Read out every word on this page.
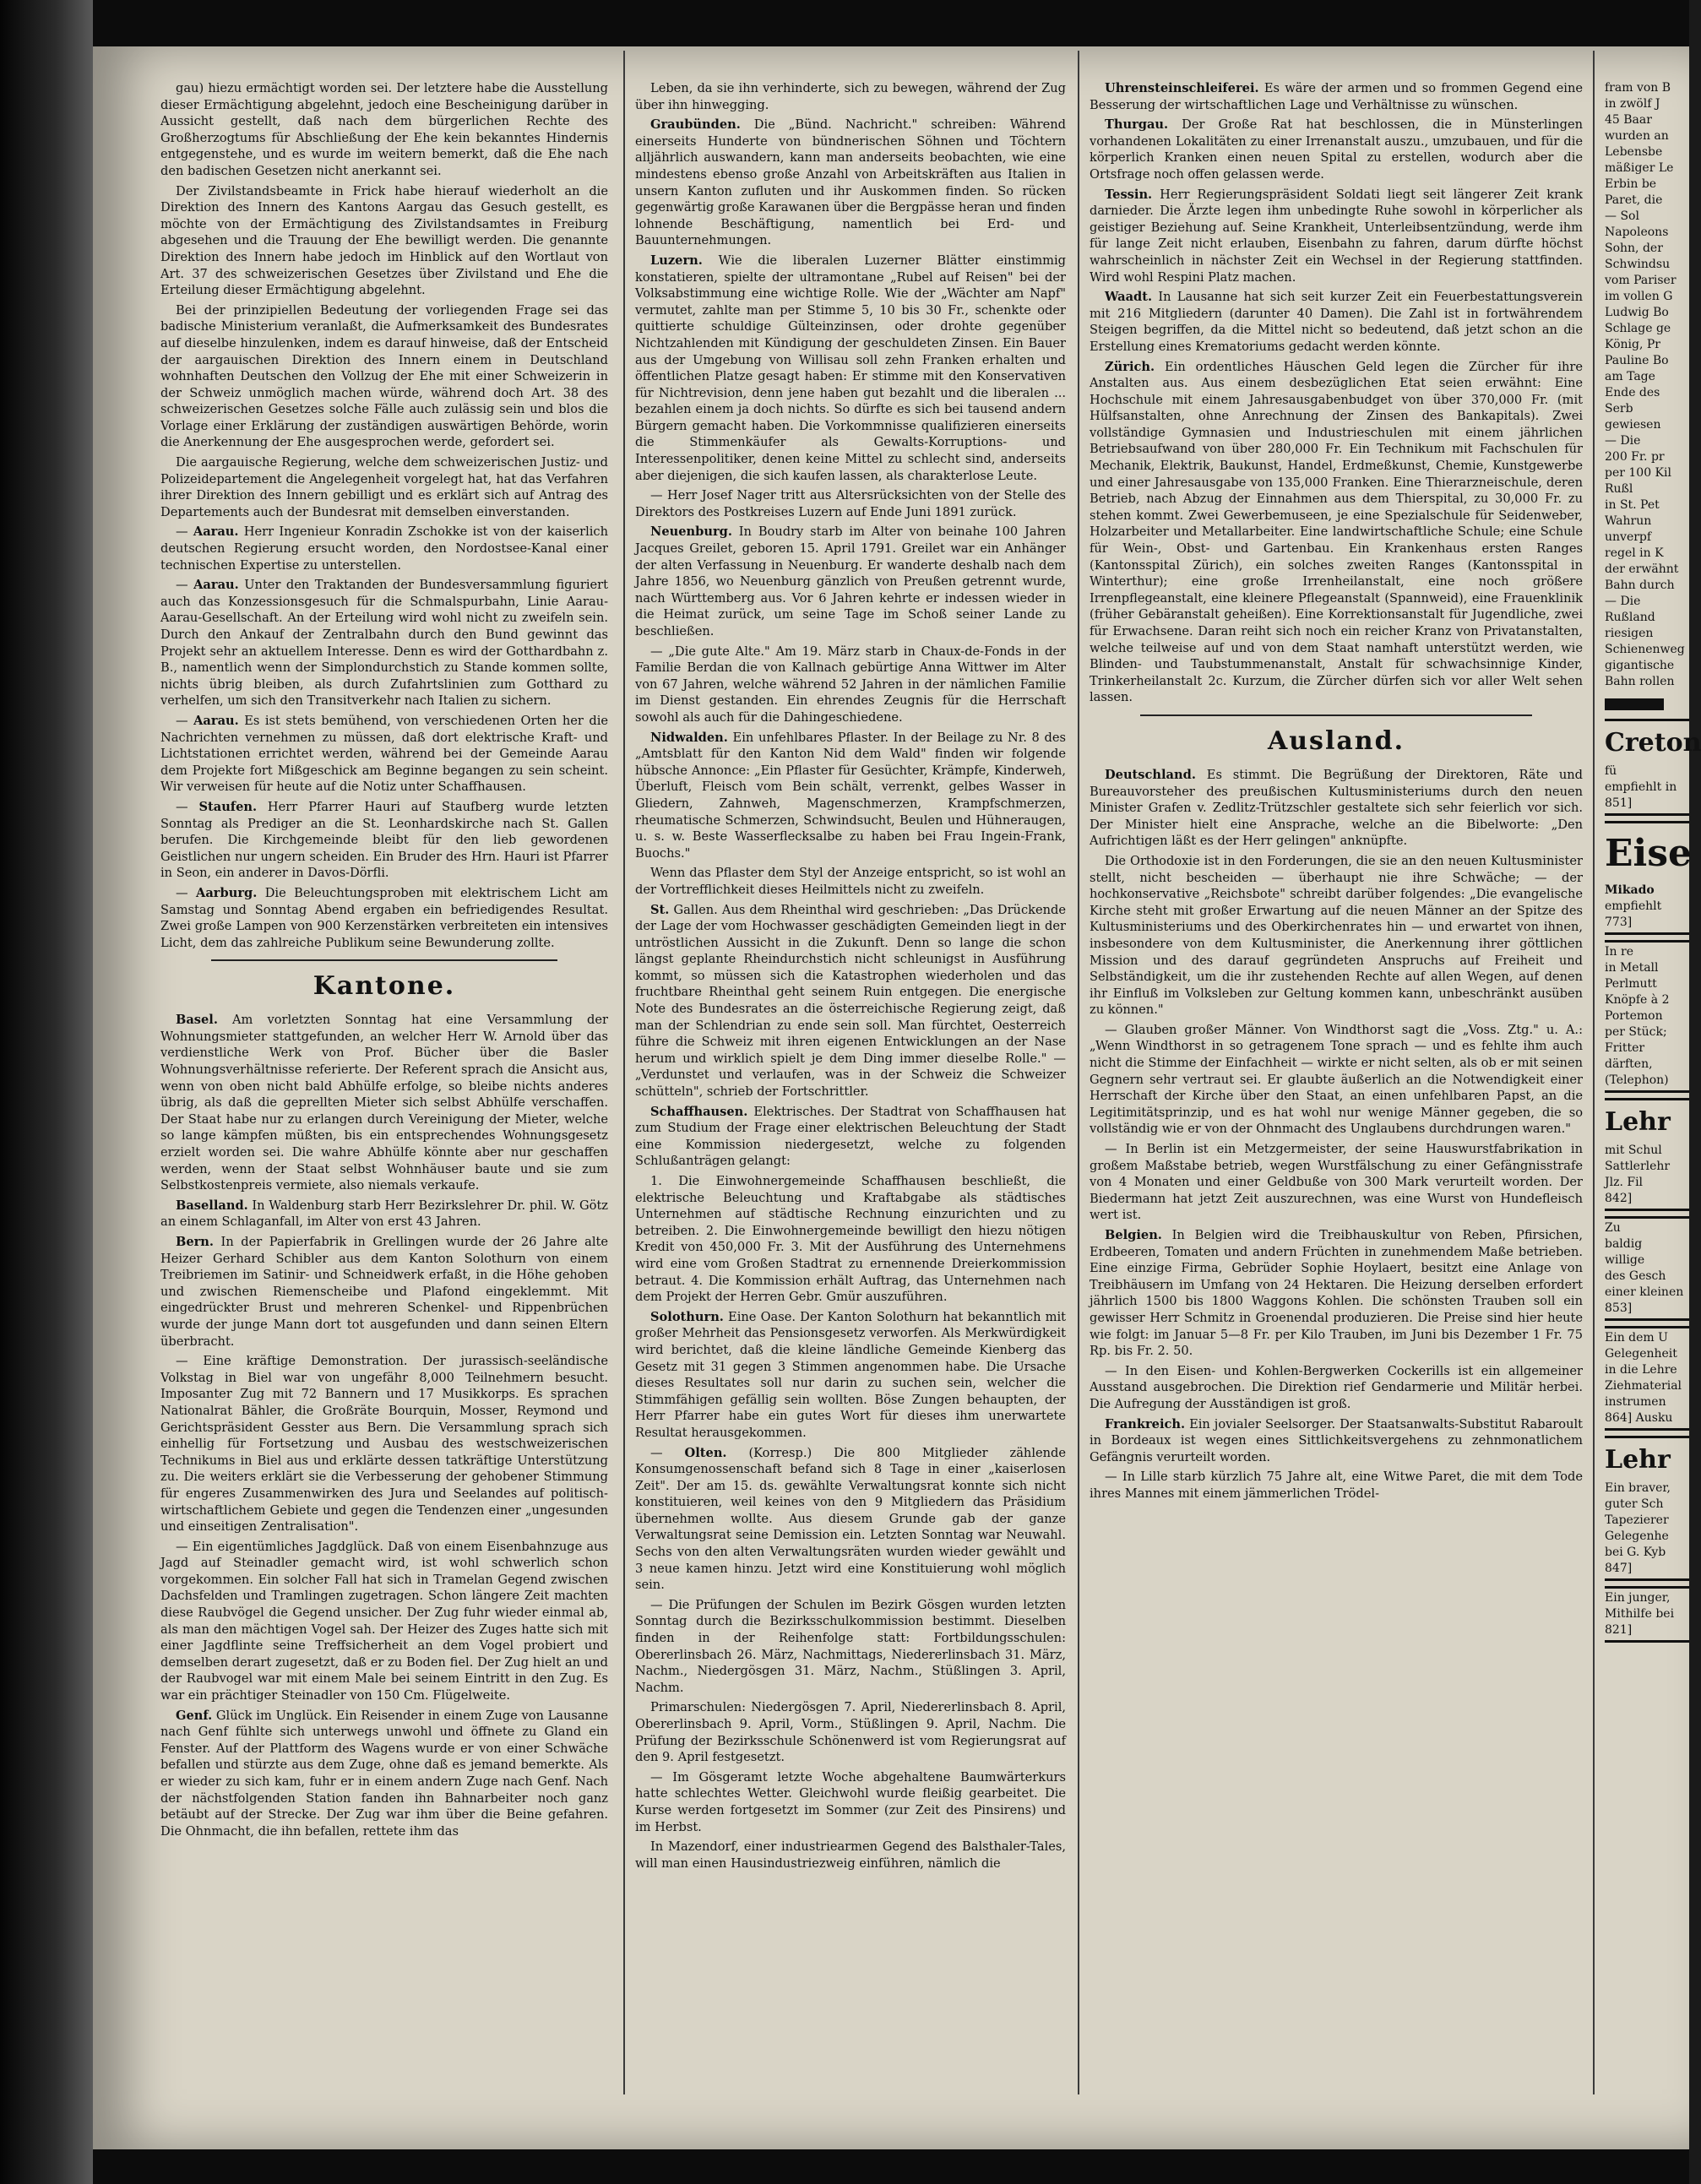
gau) hiezu ermächtigt worden sei. Der letztere habe die Ausstellung dieser Ermächtigung abgelehnt, jedoch eine Bescheinigung darüber in Aussicht gestellt, daß nach dem bürgerlichen Rechte des Großherzogtums für Abschließung der Ehe kein bekanntes Hindernis entgegenstehe, und es wurde im weitern bemerkt, daß die Ehe nach den badischen Gesetzen nicht anerkannt sei.

Der Zivilstandsbeamte in Frick habe hierauf wiederholt an die Direktion des Innern des Kantons Aargau das Gesuch gestellt, es möchte von der Ermächtigung des Zivilstandsamtes in Freiburg abgesehen und die Trauung der Ehe bewilligt werden. Die genannte Direktion des Innern habe jedoch im Hinblick auf den Wortlaut von Art. 37 des schweizerischen Gesetzes über Zivilstand und Ehe die Erteilung dieser Ermächtigung abgelehnt.

Bei der prinzipiellen Bedeutung der vorliegenden Frage sei das badische Ministerium veranlaßt, die Aufmerksamkeit des Bundesrates auf dieselbe hinzulenken, indem es darauf hinweise, daß der Entscheid der aargauischen Direktion des Innern einem in Deutschland wohnhaften Deutschen den Vollzug der Ehe mit einer Schweizerin in der Schweiz unmöglich machen würde, während doch Art. 38 des schweizerischen Gesetzes solche Fälle auch zulässig sein und blos die Vorlage einer Erklärung der zuständigen auswärtigen Behörde, worin die Anerkennung der Ehe ausgesprochen werde, gefordert sei.

Die aargauische Regierung, welche dem schweizerischen Justiz- und Polizeidepartement die Angelegenheit vorgelegt hat, hat das Verfahren ihrer Direktion des Innern gebilligt und es erklärt sich auf Antrag des Departements auch der Bundesrat mit demselben einverstanden.

— Aarau. Herr Ingenieur Konradin Zschokke ist von der kaiserlich deutschen Regierung ersucht worden, den Nordostsee-Kanal einer technischen Expertise zu unterstellen.

— Aarau. Unter den Traktanden der Bundesversammlung figuriert auch das Konzessionsgesuch für die Schmalspurbahn, Linie Aarau-Aarau-Gesellschaft. An der Erteilung wird wohl nicht zu zweifeln sein. Durch den Ankauf der Zentralbahn durch den Bund gewinnt das Projekt sehr an aktuellem Interesse. Denn es wird der Gotthardbahn z. B., namentlich wenn der Simplondurchstich zu Stande kommen sollte, nichts übrig bleiben, als durch Zufahrtslinien zum Gotthard zu verhelfen, um sich den Transitverkehr nach Italien zu sichern.

— Aarau. Es ist stets bemühend, von verschiedenen Orten her die Nachrichten vernehmen zu müssen, daß dort elektrische Kraft- und Lichtstationen errichtet werden, während bei der Gemeinde Aarau dem Projekte fort Mißgeschick am Beginne begangen zu sein scheint. Wir verweisen für heute auf die Notiz unter Schaffhausen.

— Staufen. Herr Pfarrer Hauri auf Staufberg wurde letzten Sonntag als Prediger an die St. Leonhardskirche nach St. Gallen berufen. Die Kirchgemeinde bleibt für den lieb gewordenen Geistlichen nur ungern scheiden. Ein Bruder des Hrn. Hauri ist Pfarrer in Seon, ein anderer in Davos-Dörfli.

— Aarburg. Die Beleuchtungsproben mit elektrischem Licht am Samstag und Sonntag Abend ergaben ein befriedigendes Resultat. Zwei große Lampen von 900 Kerzenstärken verbreiteten ein intensives Licht, dem das zahlreiche Publikum seine Bewunderung zollte.

Kantone.

Basel. Am vorletzten Sonntag hat eine Versammlung der Wohnungsmieter stattgefunden, an welcher Herr W. Arnold über das verdienstliche Werk von Prof. Bücher über die Basler Wohnungsverhältnisse referierte. Der Referent sprach die Ansicht aus, wenn von oben nicht bald Abhülfe erfolge, so bleibe nichts anderes übrig, als daß die geprellten Mieter sich selbst Abhülfe verschaffen. Der Staat habe nur zu erlangen durch Vereinigung der Mieter, welche so lange kämpfen müßten, bis ein entsprechendes Wohnungsgesetz erzielt worden sei. Die wahre Abhülfe könnte aber nur geschaffen werden, wenn der Staat selbst Wohnhäuser baute und sie zum Selbstkostenpreis vermiete, also niemals verkaufe.

Baselland. In Waldenburg starb Herr Bezirkslehrer Dr. phil. W. Götz an einem Schlaganfall, im Alter von erst 43 Jahren.

Bern. In der Papierfabrik in Grellingen wurde der 26 Jahre alte Heizer Gerhard Schibler aus dem Kanton Solothurn von einem Treibriemen im Satinir- und Schneidwerk erfaßt, in die Höhe gehoben und zwischen Riemenscheibe und Plafond eingeklemmt. Mit eingedrückter Brust und mehreren Schenkel- und Rippenbrüchen wurde der junge Mann dort tot ausgefunden und dann seinen Eltern überbracht.

— Eine kräftige Demonstration. Der jurassisch-seeländische Volkstag in Biel war von ungefähr 8,000 Teilnehmern besucht. Imposanter Zug mit 72 Bannern und 17 Musikkorps. Es sprachen Nationalrat Bähler, die Großräte Bourquin, Mosser, Reymond und Gerichtspräsident Gesster aus Bern. Die Versammlung sprach sich einhellig für Fortsetzung und Ausbau des westschweizerischen Technikums in Biel aus und erklärte dessen tatkräftige Unterstützung zu. Die weiters erklärt sie die Verbesserung der gehobener Stimmung für engeres Zusammenwirken des Jura und Seelandes auf politisch-wirtschaftlichem Gebiete und gegen die Tendenzen einer „ungesunden und einseitigen Zentralisation".

— Ein eigentümliches Jagdglück. Daß von einem Eisenbahnzuge aus Jagd auf Steinadler gemacht wird, ist wohl schwerlich schon vorgekommen. Ein solcher Fall hat sich in Tramelan Gegend zwischen Dachsfelden und Tramlingen zugetragen. Schon längere Zeit machten diese Raubvögel die Gegend unsicher. Der Zug fuhr wieder einmal ab, als man den mächtigen Vogel sah. Der Heizer des Zuges hatte sich mit einer Jagdflinte seine Treffsicherheit an dem Vogel probiert und demselben derart zugesetzt, daß er zu Boden fiel. Der Zug hielt an und der Raubvogel war mit einem Male bei seinem Eintritt in den Zug. Es war ein prächtiger Steinadler von 150 Cm. Flügelweite.

Genf. Glück im Unglück. Ein Reisender in einem Zuge von Lausanne nach Genf fühlte sich unterwegs unwohl und öffnete zu Gland ein Fenster. Auf der Plattform des Wagens wurde er von einer Schwäche befallen und stürzte aus dem Zuge, ohne daß es jemand bemerkte. Als er wieder zu sich kam, fuhr er in einem andern Zuge nach Genf. Nach der nächstfolgenden Station fanden ihn Bahnarbeiter noch ganz betäubt auf der Strecke. Der Zug war ihm über die Beine gefahren. Die Ohnmacht, die ihn befallen, rettete ihm das

Leben, da sie ihn verhinderte, sich zu bewegen, während der Zug über ihn hinwegging.

Graubünden. Die „Bünd. Nachricht." schreiben: Während einerseits Hunderte von bündnerischen Söhnen und Töchtern alljährlich auswandern, kann man anderseits beobachten, wie eine mindestens ebenso große Anzahl von Arbeitskräften aus Italien in unsern Kanton zufluten und ihr Auskommen finden. So rücken gegenwärtig große Karawanen über die Bergpässe heran und finden lohnende Beschäftigung, namentlich bei Erd- und Bauunternehmungen.

Luzern. Wie die liberalen Luzerner Blätter einstimmig konstatieren, spielte der ultramontane „Rubel auf Reisen" bei der Volksabstimmung eine wichtige Rolle. Wie der „Wächter am Napf" vermutet, zahlte man per Stimme 5, 10 bis 30 Fr., schenkte oder quittierte schuldige Gülteinzinsen, oder drohte gegenüber Nichtzahlenden mit Kündigung der geschuldeten Zinsen. Ein Bauer aus der Umgebung von Willisau soll zehn Franken erhalten und öffentlichen Platze gesagt haben: Er stimme mit den Konservativen für Nichtrevision, denn jene haben gut bezahlt und die liberalen ... bezahlen einem ja doch nichts. So dürfte es sich bei tausend andern Bürgern gemacht haben. Die Vorkommnisse qualifizieren einerseits die Stimmenkäufer als Gewalts-Korruptions- und Interessenpolitiker, denen keine Mittel zu schlecht sind, anderseits aber diejenigen, die sich kaufen lassen, als charakterlose Leute.

— Herr Josef Nager tritt aus Altersrücksichten von der Stelle des Direktors des Postkreises Luzern auf Ende Juni 1891 zurück.

Neuenburg. In Boudry starb im Alter von beinahe 100 Jahren Jacques Greilet, geboren 15. April 1791. Greilet war ein Anhänger der alten Verfassung in Neuenburg. Er wanderte deshalb nach dem Jahre 1856, wo Neuenburg gänzlich von Preußen getrennt wurde, nach Württemberg aus. Vor 6 Jahren kehrte er indessen wieder in die Heimat zurück, um seine Tage im Schoß seiner Lande zu beschließen.

— „Die gute Alte." Am 19. März starb in Chaux-de-Fonds in der Familie Berdan die von Kallnach gebürtige Anna Wittwer im Alter von 67 Jahren, welche während 52 Jahren in der nämlichen Familie im Dienst gestanden. Ein ehrendes Zeugnis für die Herrschaft sowohl als auch für die Dahingeschiedene.

Nidwalden. Ein unfehlbares Pflaster. In der Beilage zu Nr. 8 des „Amtsblatt für den Kanton Nid dem Wald" finden wir folgende hübsche Annonce: „Ein Pflaster für Gesüchter, Krämpfe, Kinderweh, Überluft, Fleisch vom Bein schält, verrenkt, gelbes Wasser in Gliedern, Zahnweh, Magenschmerzen, Krampfschmerzen, rheumatische Schmerzen, Schwindsucht, Beulen und Hühneraugen, u. s. w. Beste Wasserflecksalbe zu haben bei Frau Ingein-Frank, Buochs."

Wenn das Pflaster dem Styl der Anzeige entspricht, so ist wohl an der Vortrefflichkeit dieses Heilmittels nicht zu zweifeln.

St. Gallen. Aus dem Rheinthal wird geschrieben: „Das Drückende der Lage der vom Hochwasser geschädigten Gemeinden liegt in der untröstlichen Aussicht in die Zukunft. Denn so lange die schon längst geplante Rheindurchstich nicht schleunigst in Ausführung kommt, so müssen sich die Katastrophen wiederholen und das fruchtbare Rheinthal geht seinem Ruin entgegen. Die energische Note des Bundesrates an die österreichische Regierung zeigt, daß man der Schlendrian zu ende sein soll. Man fürchtet, Oesterreich führe die Schweiz mit ihren eigenen Entwicklungen an der Nase herum und wirklich spielt je dem Ding immer dieselbe Rolle." — „Verdunstet und verlaufen, was in der Schweiz die Schweizer schütteln", schrieb der Fortschrittler.

Schaffhausen. Elektrisches. Der Stadtrat von Schaffhausen hat zum Studium der Frage einer elektrischen Beleuchtung der Stadt eine Kommission niedergesetzt, welche zu folgenden Schlußanträgen gelangt:

1. Die Einwohnergemeinde Schaffhausen beschließt, die elektrische Beleuchtung und Kraftabgabe als städtisches Unternehmen auf städtische Rechnung einzurichten und zu betreiben. 2. Die Einwohnergemeinde bewilligt den hiezu nötigen Kredit von 450,000 Fr. 3. Mit der Ausführung des Unternehmens wird eine vom Großen Stadtrat zu ernennende Dreierkommission betraut. 4. Die Kommission erhält Auftrag, das Unternehmen nach dem Projekt der Herren Gebr. Gmür auszuführen.

Solothurn. Eine Oase. Der Kanton Solothurn hat bekanntlich mit großer Mehrheit das Pensionsgesetz verworfen. Als Merkwürdigkeit wird berichtet, daß die kleine ländliche Gemeinde Kienberg das Gesetz mit 31 gegen 3 Stimmen angenommen habe. Die Ursache dieses Resultates soll nur darin zu suchen sein, welcher die Stimmfähigen gefällig sein wollten. Böse Zungen behaupten, der Herr Pfarrer habe ein gutes Wort für dieses ihm unerwartete Resultat herausgekommen.

— Olten. (Korresp.) Die 800 Mitglieder zählende Konsumgenossenschaft befand sich 8 Tage in einer „kaiserlosen Zeit". Der am 15. ds. gewählte Verwaltungsrat konnte sich nicht konstituieren, weil keines von den 9 Mitgliedern das Präsidium übernehmen wollte. Aus diesem Grunde gab der ganze Verwaltungsrat seine Demission ein. Letzten Sonntag war Neuwahl. Sechs von den alten Verwaltungsräten wurden wieder gewählt und 3 neue kamen hinzu. Jetzt wird eine Konstituierung wohl möglich sein.

— Die Prüfungen der Schulen im Bezirk Gösgen wurden letzten Sonntag durch die Bezirksschulkommission bestimmt. Dieselben finden in der Reihenfolge statt: Fortbildungsschulen: Obererlinsbach 26. März, Nachmittags, Niedererlinsbach 31. März, Nachm., Niedergösgen 31. März, Nachm., Stüßlingen 3. April, Nachm.

Primarschulen: Niedergösgen 7. April, Niedererlinsbach 8. April, Obererlinsbach 9. April, Vorm., Stüßlingen 9. April, Nachm. Die Prüfung der Bezirksschule Schönenwerd ist vom Regierungsrat auf den 9. April festgesetzt.

— Im Gösgeramt letzte Woche abgehaltene Baumwärterkurs hatte schlechtes Wetter. Gleichwohl wurde fleißig gearbeitet. Die Kurse werden fortgesetzt im Sommer (zur Zeit des Pinsirens) und im Herbst.

In Mazendorf, einer industriearmen Gegend des Balsthaler-Tales, will man einen Hausindustriezweig einführen, nämlich die

Uhrensteinschleiferei. Es wäre der armen und so frommen Gegend eine Besserung der wirtschaftlichen Lage und Verhältnisse zu wünschen.

Thurgau. Der Große Rat hat beschlossen, die in Münsterlingen vorhandenen Lokalitäten zu einer Irrenanstalt auszu., umzubauen, und für die körperlich Kranken einen neuen Spital zu erstellen, wodurch aber die Ortsfrage noch offen gelassen werde.

Tessin. Herr Regierungspräsident Soldati liegt seit längerer Zeit krank darnieder. Die Ärzte legen ihm unbedingte Ruhe sowohl in körperlicher als geistiger Beziehung auf. Seine Krankheit, Unterleibsentzündung, werde ihm für lange Zeit nicht erlauben, Eisenbahn zu fahren, darum dürfte höchst wahrscheinlich in nächster Zeit ein Wechsel in der Regierung stattfinden. Wird wohl Respini Platz machen.

Waadt. In Lausanne hat sich seit kurzer Zeit ein Feuerbestattungsverein mit 216 Mitgliedern (darunter 40 Damen). Die Zahl ist in fortwährendem Steigen begriffen, da die Mittel nicht so bedeutend, daß jetzt schon an die Erstellung eines Krematoriums gedacht werden könnte.

Zürich. Ein ordentliches Häuschen Geld legen die Zürcher für ihre Anstalten aus. Aus einem desbezüglichen Etat seien erwähnt: Eine Hochschule mit einem Jahresausgabenbudget von über 370,000 Fr. (mit Hülfsanstalten, ohne Anrechnung der Zinsen des Bankapitals). Zwei vollständige Gymnasien und Industrieschulen mit einem jährlichen Betriebsaufwand von über 280,000 Fr. Ein Technikum mit Fachschulen für Mechanik, Elektrik, Baukunst, Handel, Erdmeßkunst, Chemie, Kunstgewerbe und einer Jahresausgabe von 135,000 Franken. Eine Thierarzneischule, deren Betrieb, nach Abzug der Einnahmen aus dem Thierspital, zu 30,000 Fr. zu stehen kommt. Zwei Gewerbemuseen, je eine Spezialschule für Seidenweber, Holzarbeiter und Metallarbeiter. Eine landwirtschaftliche Schule; eine Schule für Wein-, Obst- und Gartenbau. Ein Krankenhaus ersten Ranges (Kantonsspital Zürich), ein solches zweiten Ranges (Kantonsspital in Winterthur); eine große Irrenheilanstalt, eine noch größere Irrenpflegeanstalt, eine kleinere Pflegeanstalt (Spannweid), eine Frauenklinik (früher Gebäranstalt geheißen). Eine Korrektionsanstalt für Jugendliche, zwei für Erwachsene. Daran reiht sich noch ein reicher Kranz von Privatanstalten, welche teilweise auf und von dem Staat namhaft unterstützt werden, wie Blinden- und Taubstummenanstalt, Anstalt für schwachsinnige Kinder, Trinkerheilanstalt 2c. Kurzum, die Zürcher dürfen sich vor aller Welt sehen lassen.

Ausland.

Deutschland. Es stimmt. Die Begrüßung der Direktoren, Räte und Bureauvorsteher des preußischen Kultusministeriums durch den neuen Minister Grafen v. Zedlitz-Trützschler gestaltete sich sehr feierlich vor sich. Der Minister hielt eine Ansprache, welche an die Bibelworte: „Den Aufrichtigen läßt es der Herr gelingen" anknüpfte.

Die Orthodoxie ist in den Forderungen, die sie an den neuen Kultusminister stellt, nicht bescheiden — überhaupt nie ihre Schwäche; — der hochkonservative „Reichsbote" schreibt darüber folgendes: „Die evangelische Kirche steht mit großer Erwartung auf die neuen Männer an der Spitze des Kultusministeriums und des Oberkirchenrates hin — und erwartet von ihnen, insbesondere von dem Kultusminister, die Anerkennung ihrer göttlichen Mission und des darauf gegründeten Anspruchs auf Freiheit und Selbständigkeit, um die ihr zustehenden Rechte auf allen Wegen, auf denen ihr Einfluß im Volksleben zur Geltung kommen kann, unbeschränkt ausüben zu können."

— Glauben großer Männer. Von Windthorst sagt die „Voss. Ztg." u. A.: „Wenn Windthorst in so getragenem Tone sprach — und es fehlte ihm auch nicht die Stimme der Einfachheit — wirkte er nicht selten, als ob er mit seinen Gegnern sehr vertraut sei. Er glaubte äußerlich an die Notwendigkeit einer Herrschaft der Kirche über den Staat, an einen unfehlbaren Papst, an die Legitimitätsprinzip, und es hat wohl nur wenige Männer gegeben, die so vollständig wie er von der Ohnmacht des Unglaubens durchdrungen waren."

— In Berlin ist ein Metzgermeister, der seine Hauswurstfabrikation in großem Maßstabe betrieb, wegen Wurstfälschung zu einer Gefängnisstrafe von 4 Monaten und einer Geldbuße von 300 Mark verurteilt worden. Der Biedermann hat jetzt Zeit auszurechnen, was eine Wurst von Hundefleisch wert ist.

Belgien. In Belgien wird die Treibhauskultur von Reben, Pfirsichen, Erdbeeren, Tomaten und andern Früchten in zunehmendem Maße betrieben. Eine einzige Firma, Gebrüder Sophie Hoylaert, besitzt eine Anlage von Treibhäusern im Umfang von 24 Hektaren. Die Heizung derselben erfordert jährlich 1500 bis 1800 Waggons Kohlen. Die schönsten Trauben soll ein gewisser Herr Schmitz in Groenendal produzieren. Die Preise sind hier heute wie folgt: im Januar 5—8 Fr. per Kilo Trauben, im Juni bis Dezember 1 Fr. 75 Rp. bis Fr. 2. 50.

— In den Eisen- und Kohlen-Bergwerken Cockerills ist ein allgemeiner Ausstand ausgebrochen. Die Direktion rief Gendarmerie und Militär herbei. Die Aufregung der Ausständigen ist groß.

Frankreich. Ein jovialer Seelsorger. Der Staatsanwalts-Substitut Rabaroult in Bordeaux ist wegen eines Sittlichkeitsvergehens zu zehnmonatlichem Gefängnis verurteilt worden.

— In Lille starb kürzlich 75 Jahre alt, eine Witwe Paret, die mit dem Tode ihres Mannes mit einem jämmerlichen Trödel-

fram von B
in zwölf J
45 Baar
wurden an
Lebensbe
mäßiger Le
Erbin be
Paret, die
— Sol
Napoleons
Sohn, der
Schwindsu
vom Pariser
im vollen G
Ludwig Bo
Schlage ge
König, Pr
Pauline Bo
am Tage
Ende des
Serb
gewiesen
— Die
200 Fr. pr
per 100 Kil
Rußl
in St. Pet
Wahrun
unverpf
regel in K
der erwähnt
Bahn durch
— Die
Rußland
riesigen
Schienenweg
gigantische
Bahn rollen
Creton
fü
empfiehlt in
851]
Eise
Mikado
empfiehlt
773]
In re
in Metall
Perlmutt
Knöpfe à 2
Portemon
per Stück;
Fritter
därften,
(Telephon)
Lehr
mit Schul
Sattlerlehr
Jlz. Fil
842]
Zu
baldig
willige
des Gesch
einer kleinen
853]
Ein dem U
Gelegenheit
in die Lehre
Ziehmaterial
instrumen
864] Ausku
Lehr
Ein braver,
guter Sch
Tapezierer
Gelegenhe
bei G. Kyb
847]
Ein junger,
Mithilfe bei
821]
